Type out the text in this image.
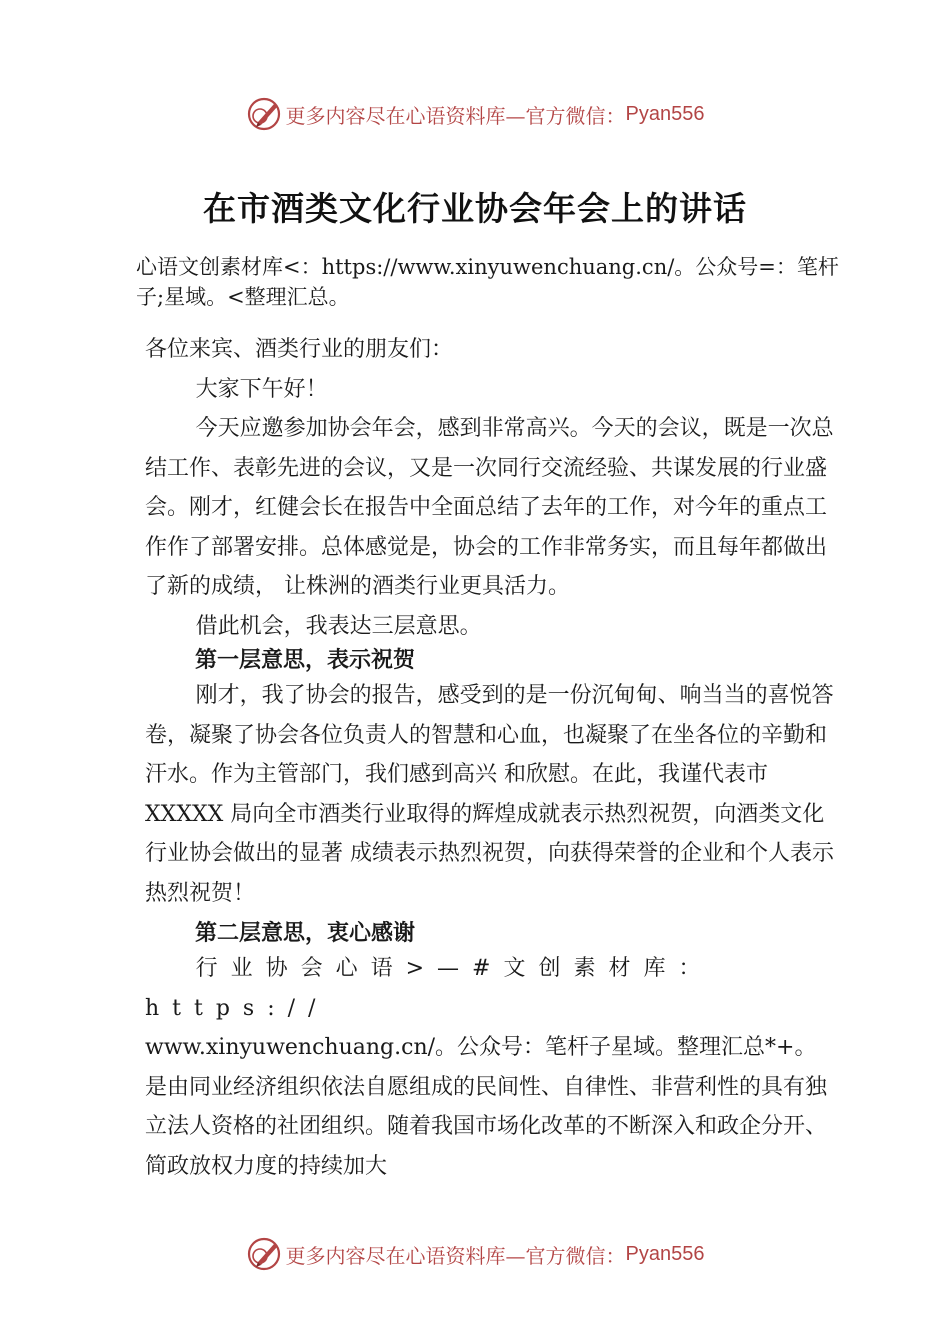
更多内容尽在心语资料库—官方微信： Pyan556
在市酒类文化行业协会年会上的讲话

心语文创素材库<：https://www.xinyuwenchuang.cn/。公众号=：笔杆子;星域。<整理汇总。

各位来宾、酒类行业的朋友们：

大家下午好！

今天应邀参加协会年会，感到非常高兴。今天的会议，既是一次总结工作、表彰先进的会议，又是一次同行交流经验、共谋发展的行业盛会。刚才，红健会长在报告中全面总结了去年的工作，对今年的重点工作作了部署安排。总体感觉是，协会的工作非常务实，而且每年都做出了新的成绩， 让株洲的酒类行业更具活力。

借此机会，我表达三层意思。

第一层意思，表示祝贺

刚才，我了协会的报告，感受到的是一份沉甸甸、响当当的喜悦答卷，凝聚了协会各位负责人的智慧和心血，也凝聚了在坐各位的辛勤和汗水。作为主管部门，我们感到高兴 和欣慰。在此，我谨代表市 XXXXX 局向全市酒类行业取得的辉煌成就表示热烈祝贺，向酒类文化行业协会做出的显著 成绩表示热烈祝贺，向获得荣誉的企业和个人表示热烈祝贺！

第二层意思，衷心感谢

行业协会心语>—#文创素材库：https://

www.xinyuwenchuang.cn/。公众号：笔杆子星域。整理汇总*+。是由同业经济组织依法自愿组成的民间性、自律性、非营利性的具有独立法人资格的社团组织。随着我国市场化改革的不断深入和政企分开、简政放权力度的持续加大

更多内容尽在心语资料库—官方微信： Pyan556
